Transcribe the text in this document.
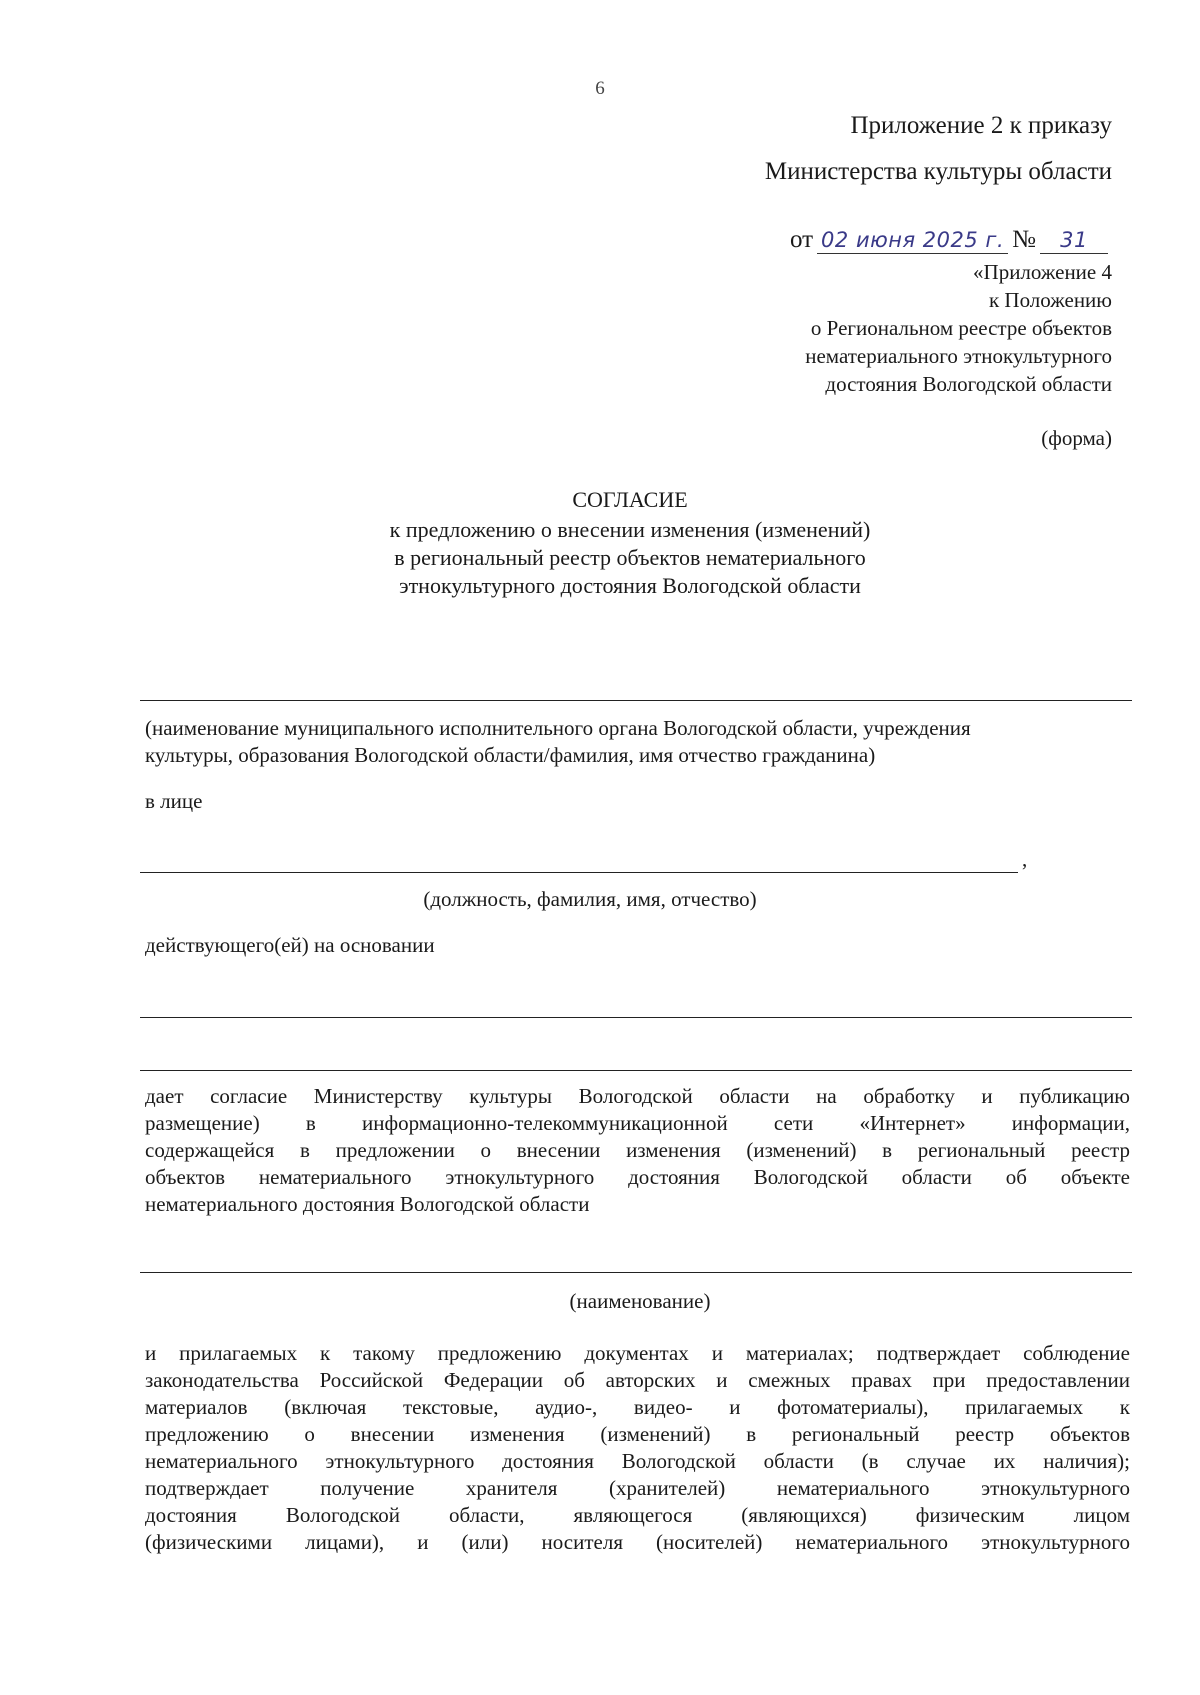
6
Приложение 2 к приказу
Министерства культуры области
от 02 июня 2025 г. №	31
«Приложение 4
к Положению
о Региональном реестре объектов
нематериального этнокультурного
достояния Вологодской области
(форма)
СОГЛАСИЕ
к предложению о внесении изменения (изменений)
в региональный реестр объектов нематериального
этнокультурного достояния Вологодской области
(наименование муниципального исполнительного органа Вологодской области, учреждения
культуры, образования Вологодской области/фамилия, имя отчество гражданина)
в лице
,
(должность, фамилия, имя, отчество)
действующего(ей) на основании
дает согласие Министерству культуры Вологодской области на обработку и публикацию
размещение) в информационно-телекоммуникационной сети «Интернет» информации,
содержащейся в предложении о внесении изменения (изменений) в региональный реестр
объектов нематериального этнокультурного достояния Вологодской области об объекте
нематериального достояния Вологодской области
(наименование)
и прилагаемых к такому предложению документах и материалах; подтверждает соблюдение
законодательства Российской Федерации об авторских и смежных правах при предоставлении
материалов (включая текстовые, аудио-, видео- и фотоматериалы), прилагаемых к
предложению о внесении изменения (изменений) в региональный реестр объектов
нематериального этнокультурного достояния Вологодской области (в случае их наличия);
подтверждает получение хранителя (хранителей) нематериального этнокультурного
достояния Вологодской области, являющегося (являющихся) физическим лицом
(физическими лицами), и (или) носителя (носителей) нематериального этнокультурного
